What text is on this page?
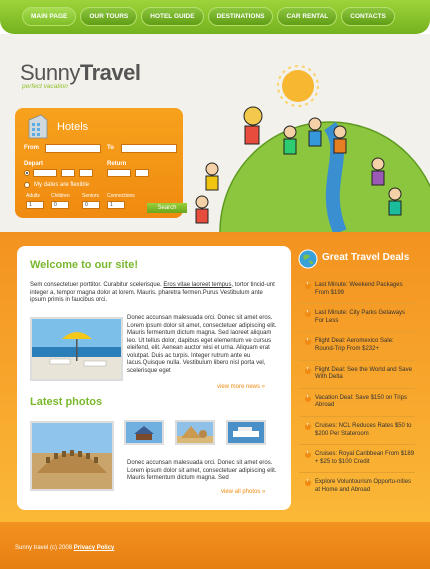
MAIN PAGE	OUR TOURS	HOTEL GUIDE	DESTINATIONS	CAR RENTAL	CONTACTS
SunnyTravel
perfect vacation
Hotels
From	To
Depart	Return
My dates are flexible
Adults Children Seniors Connections
1	0	0	1	Search
Welcome to our site!
Sem consectetuer porttitor. Curabitur scelerisque. Eros vitae laoreet tempus, tortor tincid-unt integer a, tempor magna dolor at lorem. Mauris. pharetra fermen.Purus Vestibulum ante ipsum primis in faucibus orci.
Donec accunsan malesuada orci. Donec sit amet eros. Lorem ipsum dolor sit amet, consectetuer adipiscing elit. Mauris fermentum dictum magna. Sed laoreet aliquam leo. Ut tellus dolor, dapibus eget elementum ve cursus eleifend, elit. Aenean auctor wisi et urna. Aliquam erat volutpat. Duis ac turpis. Integer rutrum ante eu lacus.Quisque nulla. Vestibulum libero nisl porta vel, scelerisque eget
view more news »
Latest photos
Donec accunsan malesuada orci. Donec sit amet eros. Lorem ipsum dolor sit amet, consectetuer adipiscing elit. Mauris fermentum dictum magna. Sed
view all photos »
Great Travel Deals
›
Last Minute: Weekend Packages From $199
›
Last Minute: City Parks Getaways For Less
›
Flight Deal: Aeromexico Sale: Round-Trip From $232+
›
Flight Deal: See the World and Save With Delta
›
Vacation Deal: Save $150 on Trips Abroad
›
Cruises: NCL Reduces Rates $50 to $200 Per Stateroom
›
Cruises: Royal Caribbean From $189 + $25 to $100 Credit
›
Explore Voluntourism Opportu-nities at Home and Abroad
Sunny travel (c) 2008 Privacy Policy
